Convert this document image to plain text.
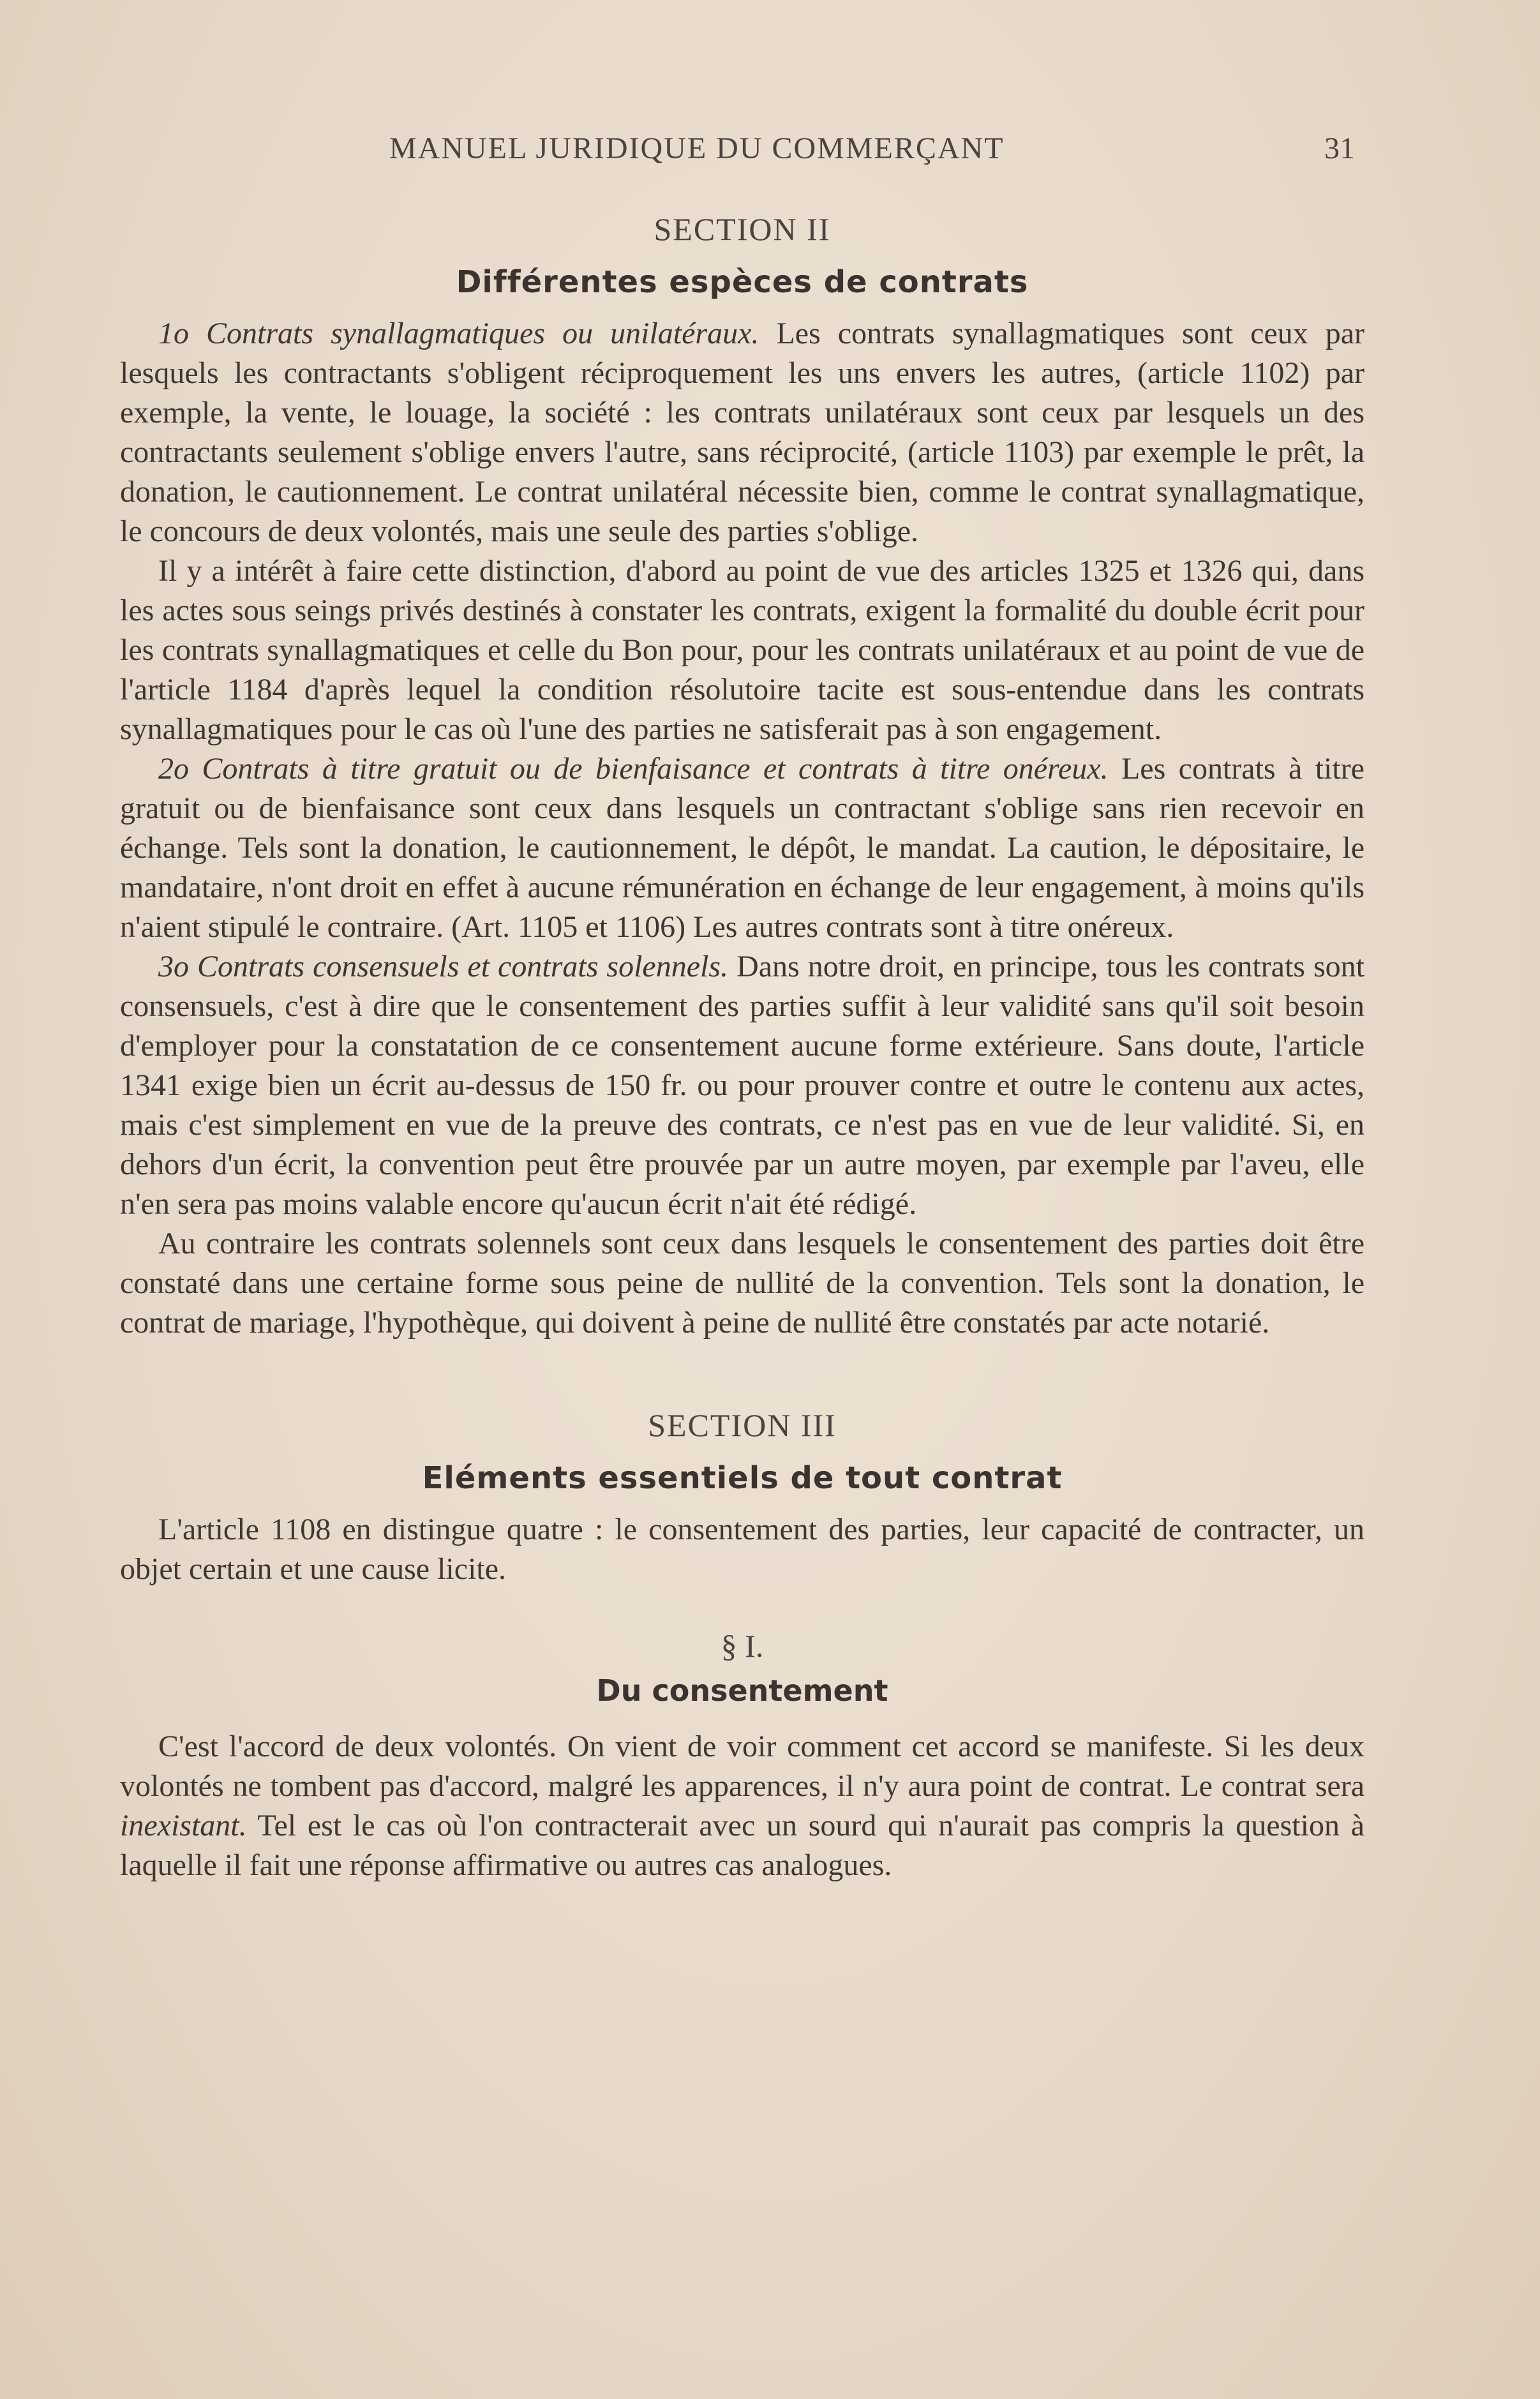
MANUEL JURIDIQUE DU COMMERÇANT	31
SECTION II
Différentes espèces de contrats

1o Contrats synallagmatiques ou unilatéraux. Les contrats synallagmatiques sont ceux par lesquels les contractants s'obligent réciproquement les uns envers les autres, (article 1102) par exemple, la vente, le louage, la société : les contrats unilatéraux sont ceux par lesquels un des contractants seulement s'oblige envers l'autre, sans réciprocité, (article 1103) par exemple le prêt, la donation, le cautionnement. Le contrat unilatéral nécessite bien, comme le contrat synallagmatique, le concours de deux volontés, mais une seule des parties s'oblige.

Il y a intérêt à faire cette distinction, d'abord au point de vue des articles 1325 et 1326 qui, dans les actes sous seings privés destinés à constater les contrats, exigent la formalité du double écrit pour les contrats synallagmatiques et celle du Bon pour, pour les contrats unilatéraux et au point de vue de l'article 1184 d'après lequel la condition résolutoire tacite est sous-entendue dans les contrats synallagmatiques pour le cas où l'une des parties ne satisferait pas à son engagement.

2o Contrats à titre gratuit ou de bienfaisance et contrats à titre onéreux. Les contrats à titre gratuit ou de bienfaisance sont ceux dans lesquels un contractant s'oblige sans rien recevoir en échange. Tels sont la donation, le cautionnement, le dépôt, le mandat. La caution, le dépositaire, le mandataire, n'ont droit en effet à aucune rémunération en échange de leur engagement, à moins qu'ils n'aient stipulé le contraire. (Art. 1105 et 1106) Les autres contrats sont à titre onéreux.

3o Contrats consensuels et contrats solennels. Dans notre droit, en principe, tous les contrats sont consensuels, c'est à dire que le consentement des parties suffit à leur validité sans qu'il soit besoin d'employer pour la constatation de ce consentement aucune forme extérieure. Sans doute, l'article 1341 exige bien un écrit au-dessus de 150 fr. ou pour prouver contre et outre le contenu aux actes, mais c'est simplement en vue de la preuve des contrats, ce n'est pas en vue de leur validité. Si, en dehors d'un écrit, la convention peut être prouvée par un autre moyen, par exemple par l'aveu, elle n'en sera pas moins valable encore qu'aucun écrit n'ait été rédigé.

Au contraire les contrats solennels sont ceux dans lesquels le consentement des parties doit être constaté dans une certaine forme sous peine de nullité de la convention. Tels sont la donation, le contrat de mariage, l'hypothèque, qui doivent à peine de nullité être constatés par acte notarié.

SECTION III
Eléments essentiels de tout contrat

L'article 1108 en distingue quatre : le consentement des parties, leur capacité de contracter, un objet certain et une cause licite.

§ I.
Du consentement

C'est l'accord de deux volontés. On vient de voir comment cet accord se manifeste. Si les deux volontés ne tombent pas d'accord, malgré les apparences, il n'y aura point de contrat. Le contrat sera inexistant. Tel est le cas où l'on contracterait avec un sourd qui n'aurait pas compris la question à laquelle il fait une réponse affirmative ou autres cas analogues.
